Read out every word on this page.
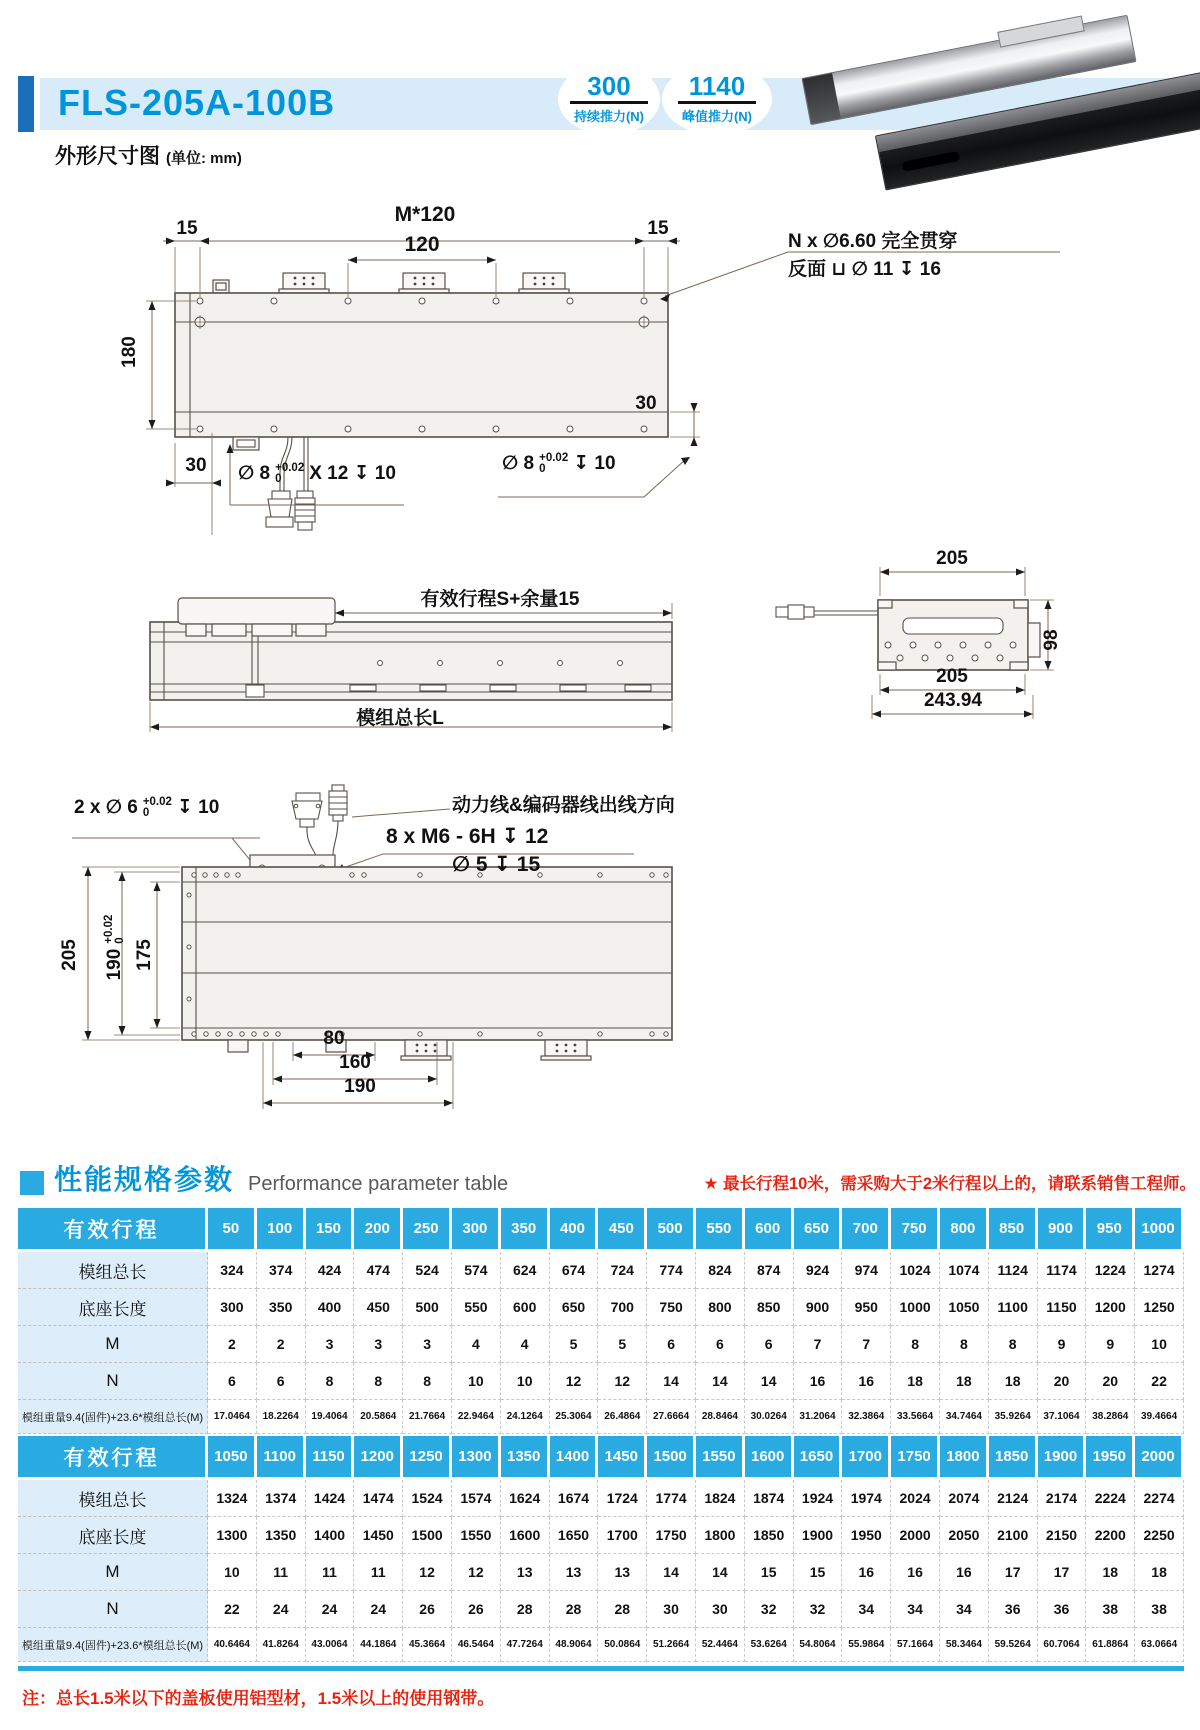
FLS-205A-100B	300
持续推力(N)
1140
峰值推力(N)
外形尺寸图 (单位: mm)
15
M*120
120
15
N x ∅6.60 完全贯穿
反面 ⊔ ∅ 11 ↧ 16
180
30
30
∅ 8 +0.02
0	X 12 ↧ 10	∅ 8 +0.02
0	↧ 10
有效行程S+余量15
模组总长L
205
98
205
243.94
2 x ∅ 6 +0.02
0	↧ 10	动力线&编码器线出线方向
8 x M6 - 6H ↧ 12
∅ 5 ↧ 15
205 190
+0.02 0 175
80
160
190
性能规格参数 Performance parameter table	★ 最长行程10米，需采购大于2米行程以上的，请联系销售工程师。
有效行程	50	100	150	200	250	300	350	400	450	500	550	600	650	700	750	800	850	900	950	1000
模组总长	324	374	424	474	524	574	624	674	724	774	824	874	924	974	1024	1074	1124	1174	1224	1274
底座长度	300	350	400	450	500	550	600	650	700	750	800	850	900	950	1000	1050	1100	1150	1200	1250
M	2	2	3	3	3	4	4	5	5	6	6	6	7	7	8	8	8	9	9	10
N	6	6	8	8	8	10	10	12	12	14	14	14	16	16	18	18	18	20	20	22
模组重量9.4(固件)+23.6*模组总长(M)	17.0464	18.2264	19.4064	20.5864	21.7664	22.9464	24.1264	25.3064	26.4864	27.6664	28.8464	30.0264	31.2064	32.3864	33.5664	34.7464	35.9264	37.1064	38.2864	39.4664
有效行程	1050	1100	1150	1200	1250	1300	1350	1400	1450	1500	1550	1600	1650	1700	1750	1800	1850	1900	1950	2000
模组总长	1324	1374	1424	1474	1524	1574	1624	1674	1724	1774	1824	1874	1924	1974	2024	2074	2124	2174	2224	2274
底座长度	1300	1350	1400	1450	1500	1550	1600	1650	1700	1750	1800	1850	1900	1950	2000	2050	2100	2150	2200	2250
M	10	11	11	11	12	12	13	13	13	14	14	15	15	16	16	16	17	17	18	18
N	22	24	24	24	26	26	28	28	28	30	30	32	32	34	34	34	36	36	38	38
模组重量9.4(固件)+23.6*模组总长(M)	40.6464	41.8264	43.0064	44.1864	45.3664	46.5464	47.7264	48.9064	50.0864	51.2664	52.4464	53.6264	54.8064	55.9864	57.1664	58.3464	59.5264	60.7064	61.8864	63.0664
注：总长1.5米以下的盖板使用铝型材，1.5米以上的使用钢带。
